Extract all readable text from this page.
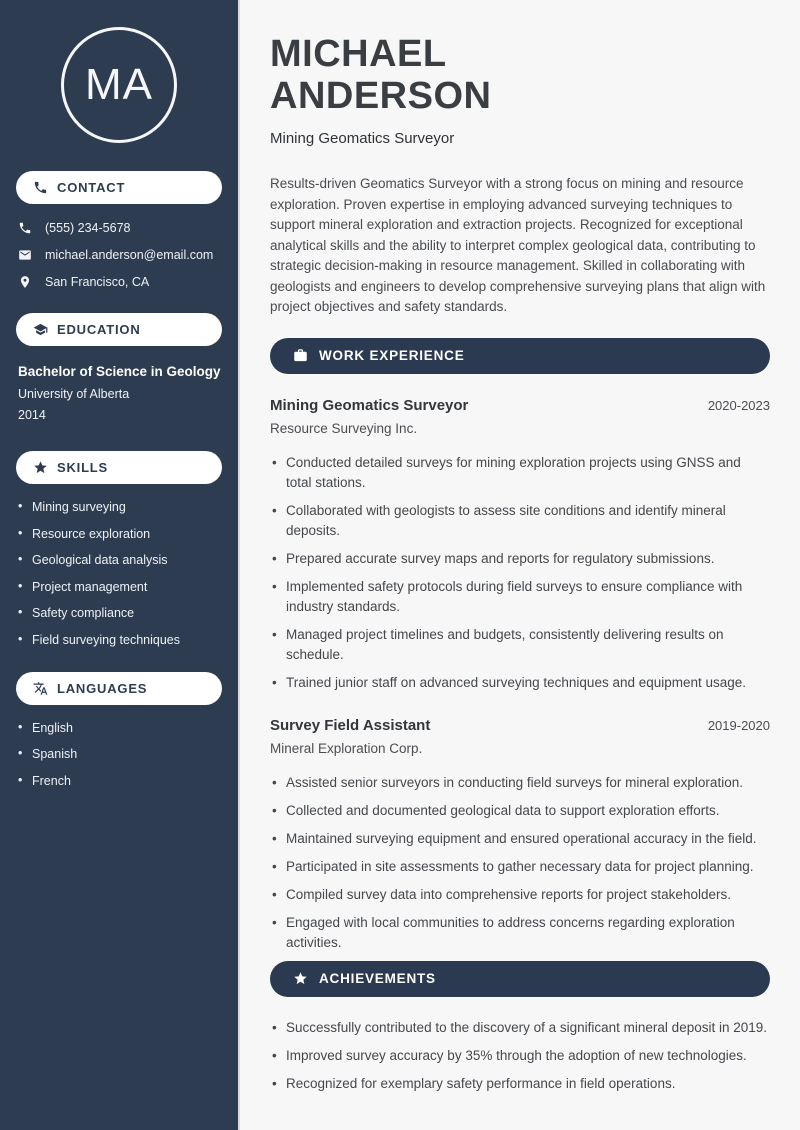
MA
CONTACT
(555) 234-5678
michael.anderson@email.com
San Francisco, CA
EDUCATION
Bachelor of Science in Geology
University of Alberta
2014
SKILLS
• Mining surveying
• Resource exploration
• Geological data analysis
• Project management
• Safety compliance
• Field surveying techniques
LANGUAGES
• English
• Spanish
• French
MICHAEL
ANDERSON
Mining Geomatics Surveyor

Results-driven Geomatics Surveyor with a strong focus on mining and resource exploration. Proven expertise in employing advanced surveying techniques to support mineral exploration and extraction projects. Recognized for exceptional analytical skills and the ability to interpret complex geological data, contributing to strategic decision-making in resource management. Skilled in collaborating with geologists and engineers to develop comprehensive surveying plans that align with project objectives and safety standards.

WORK EXPERIENCE
Mining Geomatics Surveyor	2020-2023
Resource Surveying Inc.
• Conducted detailed surveys for mining exploration projects using GNSS and total stations.
• Collaborated with geologists to assess site conditions and identify mineral deposits.
• Prepared accurate survey maps and reports for regulatory submissions.
• Implemented safety protocols during field surveys to ensure compliance with industry standards.
• Managed project timelines and budgets, consistently delivering results on schedule.
• Trained junior staff on advanced surveying techniques and equipment usage.
Survey Field Assistant	2019-2020
Mineral Exploration Corp.
• Assisted senior surveyors in conducting field surveys for mineral exploration.
• Collected and documented geological data to support exploration efforts.
• Maintained surveying equipment and ensured operational accuracy in the field.
• Participated in site assessments to gather necessary data for project planning.
• Compiled survey data into comprehensive reports for project stakeholders.
• Engaged with local communities to address concerns regarding exploration activities.
ACHIEVEMENTS
• Successfully contributed to the discovery of a significant mineral deposit in 2019.
• Improved survey accuracy by 35% through the adoption of new technologies.
• Recognized for exemplary safety performance in field operations.
